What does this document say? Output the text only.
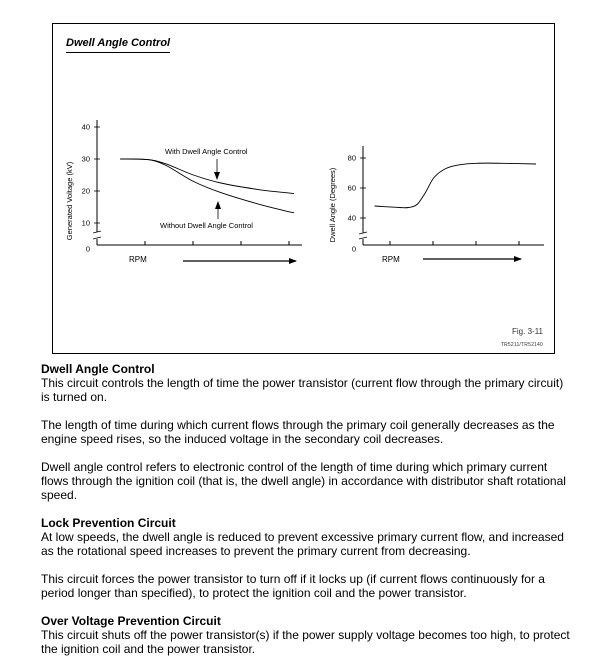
Dwell Angle Control
Generated Voltage (kV)
0
10
20
30
40
With Dwell Angle Control
Without Dwell Angle Control
RPM
Dwell Angle (Degrees)
0
40
60
80
RPM
Fig. 3-11
TR5211/TR52140
Dwell Angle Control

This circuit controls the length of time the power transistor (current flow through the primary circuit) is turned on.

The length of time during which current flows through the primary coil generally decreases as the engine speed rises, so the induced voltage in the secondary coil decreases.

Dwell angle control refers to electronic control of the length of time during which primary current flows through the ignition coil (that is, the dwell angle) in accordance with distributor shaft rotational speed.

Lock Prevention Circuit

At low speeds, the dwell angle is reduced to prevent excessive primary current flow, and increased as the rotational speed increases to prevent the primary current from decreasing.

This circuit forces the power transistor to turn off if it locks up (if current flows continuously for a period longer than specified), to protect the ignition coil and the power transistor.

Over Voltage Prevention Circuit

This circuit shuts off the power transistor(s) if the power supply voltage becomes too high, to protect the ignition coil and the power transistor.
